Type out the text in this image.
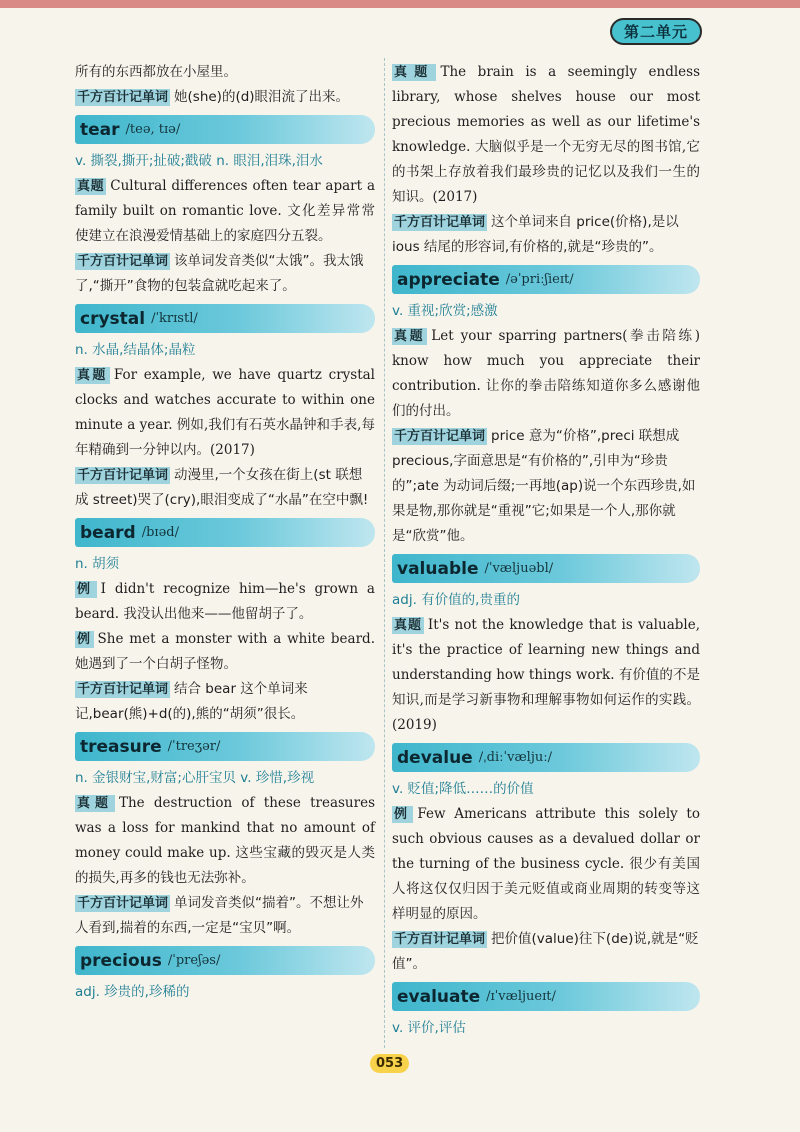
第二单元

所有的东西都放在小屋里。

千方百计记单词 她(she)的(d)眼泪流了出来。

tear /teə, tɪə/

v. 撕裂,撕开;扯破;戳破 n. 眼泪,泪珠,泪水

真题 Cultural differences often tear apart a family built on romantic love. 文化差异常常使建立在浪漫爱情基础上的家庭四分五裂。

千方百计记单词 该单词发音类似“太饿”。我太饿了,“撕开”食物的包装盒就吃起来了。

crystal /ˈkrɪstl/

n. 水晶,结晶体;晶粒

真题 For example, we have quartz crystal clocks and watches accurate to within one minute a year. 例如,我们有石英水晶钟和手表,每年精确到一分钟以内。(2017)

千方百计记单词 动漫里,一个女孩在街上(st 联想成 street)哭了(cry),眼泪变成了“水晶”在空中飘!

beard /bɪəd/

n. 胡须

例 I didn't recognize him—he's grown a beard. 我没认出他来——他留胡子了。

例 She met a monster with a white beard. 她遇到了一个白胡子怪物。

千方百计记单词 结合 bear 这个单词来记,bear(熊)+d(的),熊的“胡须”很长。

treasure /ˈtreʒər/

n. 金银财宝,财富;心肝宝贝 v. 珍惜,珍视

真题 The destruction of these treasures was a loss for mankind that no amount of money could make up. 这些宝藏的毁灭是人类的损失,再多的钱也无法弥补。

千方百计记单词 单词发音类似“揣着”。不想让外人看到,揣着的东西,一定是“宝贝”啊。

precious /ˈpreʃəs/

adj. 珍贵的,珍稀的

真题 The brain is a seemingly endless library, whose shelves house our most precious memories as well as our lifetime's knowledge. 大脑似乎是一个无穷无尽的图书馆,它的书架上存放着我们最珍贵的记忆以及我们一生的知识。(2017)

千方百计记单词 这个单词来自 price(价格),是以 ious 结尾的形容词,有价格的,就是“珍贵的”。

appreciate /əˈpriːʃieɪt/

v. 重视;欣赏;感激

真题 Let your sparring partners(拳击陪练) know how much you appreciate their contribution. 让你的拳击陪练知道你多么感谢他们的付出。

千方百计记单词 price 意为“价格”,preci 联想成 precious,字面意思是“有价格的”,引申为“珍贵的”;ate 为动词后缀;一再地(ap)说一个东西珍贵,如果是物,那你就是“重视”它;如果是一个人,那你就是“欣赏”他。

valuable /ˈvæljuəbl/

adj. 有价值的,贵重的

真题 It's not the knowledge that is valuable, it's the practice of learning new things and understanding how things work. 有价值的不是知识,而是学习新事物和理解事物如何运作的实践。(2019)

devalue /ˌdiːˈvæljuː/

v. 贬值;降低……的价值

例 Few Americans attribute this solely to such obvious causes as a devalued dollar or the turning of the business cycle. 很少有美国人将这仅仅归因于美元贬值或商业周期的转变等这样明显的原因。

千方百计记单词 把价值(value)往下(de)说,就是“贬值”。

evaluate /ɪˈvæljueɪt/

v. 评价,评估

053
